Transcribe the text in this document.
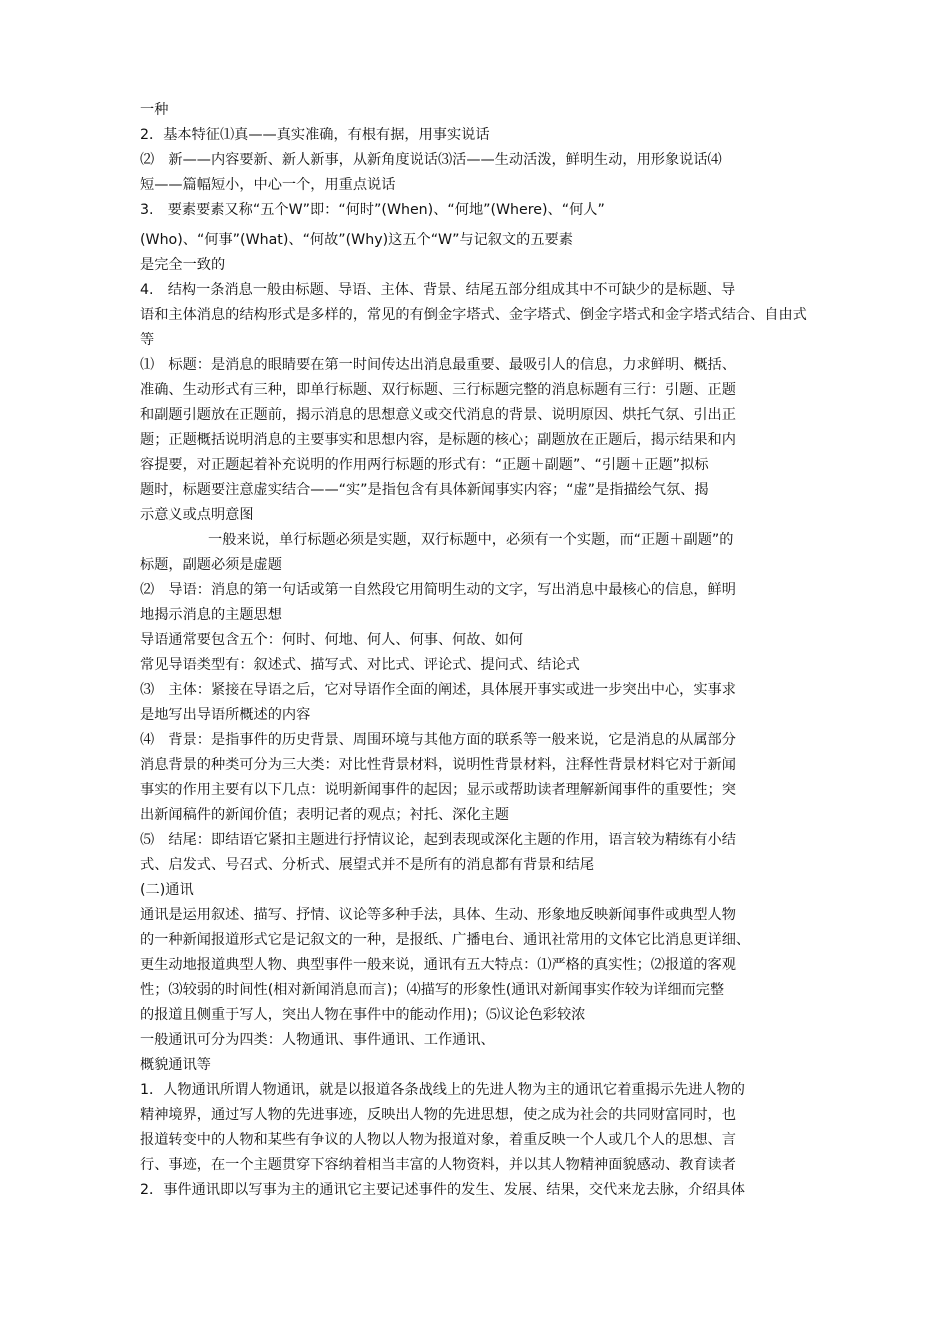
一种
2．基本特征⑴真——真实准确，有根有据，用事实说话
⑵　新——内容要新、新人新事，从新角度说话⑶活——生动活泼，鲜明生动，用形象说话⑷
短——篇幅短小，中心一个，用重点说话
3.　要素要素又称“五个W”即：“何时”(When)、“何地”(Where)、“何人”
(Who)、“何事”(What)、“何故”(Why)这五个“W”与记叙文的五要素
是完全一致的
4.　结构一条消息一般由标题、导语、主体、背景、结尾五部分组成其中不可缺少的是标题、导
语和主体消息的结构形式是多样的，常见的有倒金字塔式、金字塔式、倒金字塔式和金字塔式结合、自由式等
⑴　标题：是消息的眼睛要在第一时间传达出消息最重要、最吸引人的信息，力求鲜明、概括、
准确、生动形式有三种，即单行标题、双行标题、三行标题完整的消息标题有三行：引题、正题
和副题引题放在正题前，揭示消息的思想意义或交代消息的背景、说明原因、烘托气氛、引出正
题；正题概括说明消息的主要事实和思想内容，是标题的核心；副题放在正题后，揭示结果和内
容提要，对正题起着补充说明的作用两行标题的形式有：“正题＋副题”、“引题＋正题”拟标
题时，标题要注意虚实结合——“实”是指包含有具体新闻事实内容；“虚”是指描绘气氛、揭
示意义或点明意图
一般来说，单行标题必须是实题，双行标题中，必须有一个实题，而“正题＋副题”的
标题，副题必须是虚题
⑵　导语：消息的第一句话或第一自然段它用简明生动的文字，写出消息中最核心的信息，鲜明
地揭示消息的主题思想
导语通常要包含五个：何时、何地、何人、何事、何故、如何
常见导语类型有：叙述式、描写式、对比式、评论式、提问式、结论式
⑶　主体：紧接在导语之后，它对导语作全面的阐述，具体展开事实或进一步突出中心，实事求
是地写出导语所概述的内容
⑷　背景：是指事件的历史背景、周围环境与其他方面的联系等一般来说，它是消息的从属部分
消息背景的种类可分为三大类：对比性背景材料，说明性背景材料，注释性背景材料它对于新闻
事实的作用主要有以下几点：说明新闻事件的起因；显示或帮助读者理解新闻事件的重要性；突
出新闻稿件的新闻价值；表明记者的观点；衬托、深化主题
⑸　结尾：即结语它紧扣主题进行抒情议论，起到表现或深化主题的作用，语言较为精练有小结
式、启发式、号召式、分析式、展望式并不是所有的消息都有背景和结尾
(二)通讯
通讯是运用叙述、描写、抒情、议论等多种手法，具体、生动、形象地反映新闻事件或典型人物
的一种新闻报道形式它是记叙文的一种，是报纸、广播电台、通讯社常用的文体它比消息更详细、
更生动地报道典型人物、典型事件一般来说，通讯有五大特点：⑴严格的真实性；⑵报道的客观
性；⑶较弱的时间性(相对新闻消息而言)；⑷描写的形象性(通讯对新闻事实作较为详细而完整
的报道且侧重于写人，突出人物在事件中的能动作用)；⑸议论色彩较浓
一般通讯可分为四类：人物通讯、事件通讯、工作通讯、
概貌通讯等
1．人物通讯所谓人物通讯，就是以报道各条战线上的先进人物为主的通讯它着重揭示先进人物的
精神境界，通过写人物的先进事迹，反映出人物的先进思想，使之成为社会的共同财富同时，也
报道转变中的人物和某些有争议的人物以人物为报道对象，着重反映一个人或几个人的思想、言
行、事迹，在一个主题贯穿下容纳着相当丰富的人物资料，并以其人物精神面貌感动、教育读者
2．事件通讯即以写事为主的通讯它主要记述事件的发生、发展、结果，交代来龙去脉，介绍具体
